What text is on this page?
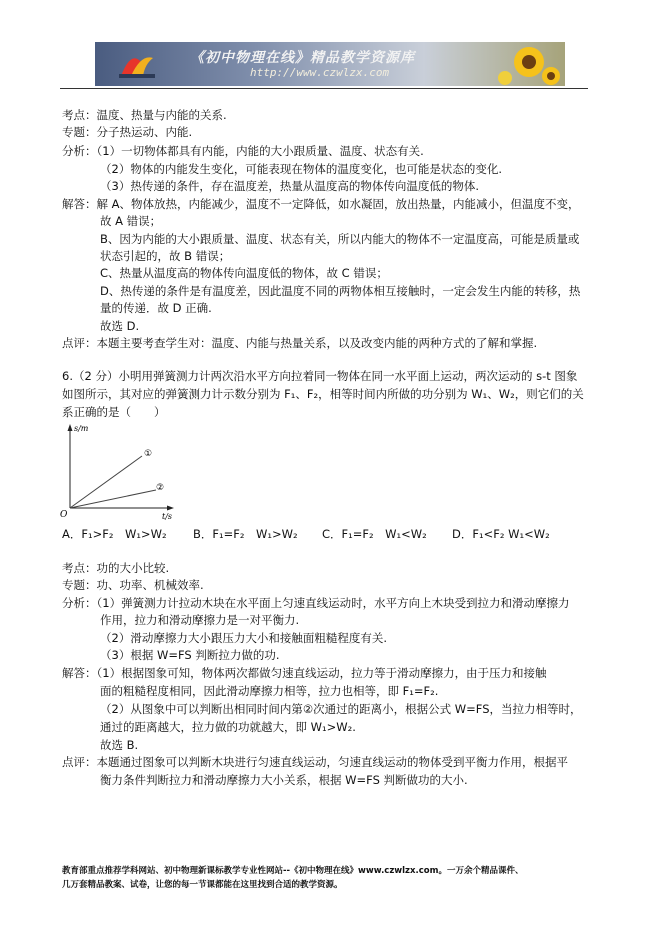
《初中物理在线》精品教学资源库
http://www.czwlzx.com
考点：温度、热量与内能的关系.
专题：分子热运动、内能.
分析：（1）一切物体都具有内能，内能的大小跟质量、温度、状态有关.
（2）物体的内能发生变化，可能表现在物体的温度变化，也可能是状态的变化.
（3）热传递的条件，存在温度差，热量从温度高的物体传向温度低的物体.
解答：解 A、物体放热，内能减少，温度不一定降低，如水凝固，放出热量，内能减小，但温度不变，
故 A 错误；
B、因为内能的大小跟质量、温度、状态有关，所以内能大的物体不一定温度高，可能是质量或
状态引起的，故 B 错误；
C、热量从温度高的物体传向温度低的物体，故 C 错误；
D、热传递的条件是有温度差，因此温度不同的两物体相互接触时，一定会发生内能的转移，热
量的传递．故 D 正确.
故选 D.
点评：本题主要考查学生对：温度、内能与热量关系，以及改变内能的两种方式的了解和掌握.
6.（2 分）小明用弹簧测力计两次沿水平方向拉着同一物体在同一水平面上运动，两次运动的 s-t 图象
如图所示，其对应的弹簧测力计示数分别为 F₁、F₂，相等时间内所做的功分别为 W₁、W₂，则它们的关
系正确的是（　　）
s/m
t/s
O
①
②
A．F₁>F₂　W₁>W₂ B．F₁=F₂　W₁>W₂ C．F₁=F₂　W₁<W₂ D．F₁<F₂ W₁<W₂
考点：功的大小比较.
专题：功、功率、机械效率.
分析：（1）弹簧测力计拉动木块在水平面上匀速直线运动时，水平方向上木块受到拉力和滑动摩擦力
作用，拉力和滑动摩擦力是一对平衡力.
（2）滑动摩擦力大小跟压力大小和接触面粗糙程度有关.
（3）根据 W=FS 判断拉力做的功.
解答：（1）根据图象可知，物体两次都做匀速直线运动，拉力等于滑动摩擦力，由于压力和接触
面的粗糙程度相同，因此滑动摩擦力相等，拉力也相等，即 F₁=F₂.
（2）从图象中可以判断出相同时间内第②次通过的距离小，根据公式 W=FS，当拉力相等时，
通过的距离越大，拉力做的功就越大，即 W₁>W₂.
故选 B.
点评：本题通过图象可以判断木块进行匀速直线运动，匀速直线运动的物体受到平衡力作用，根据平
衡力条件判断拉力和滑动摩擦力大小关系，根据 W=FS 判断做功的大小.
教育部重点推荐学科网站、初中物理新课标教学专业性网站--《初中物理在线》www.czwlzx.com。一万余个精品课件、
几万套精品教案、试卷，让您的每一节课都能在这里找到合适的教学资源。
